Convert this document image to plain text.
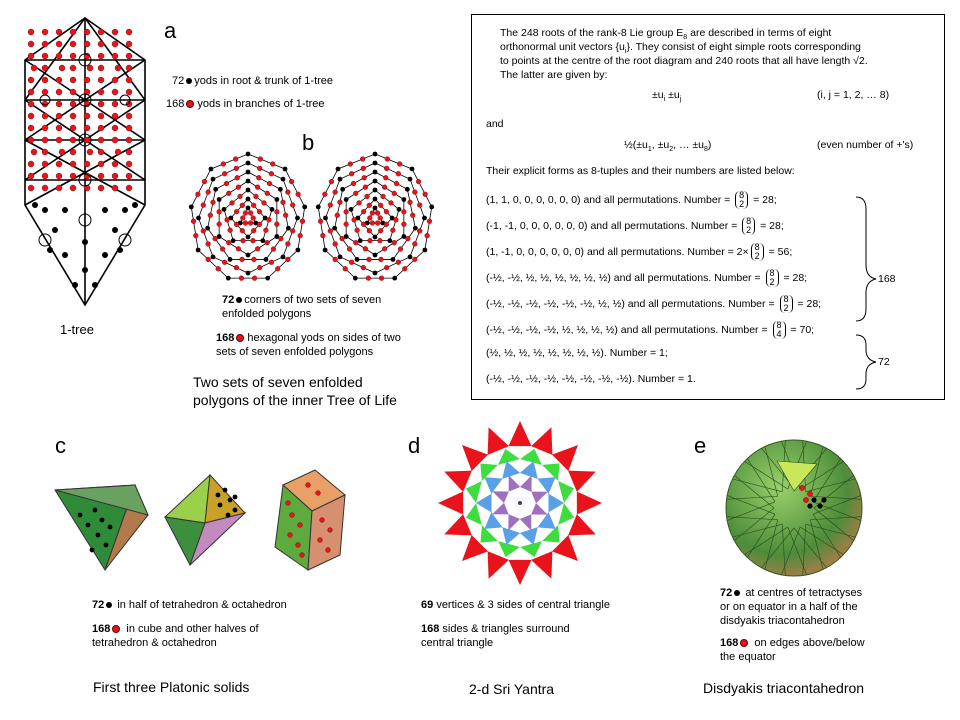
a
1-tree
72 yods in root & trunk of 1-tree
168 yods in branches of 1-tree
b
72 corners of two sets of seven
enfolded polygons
168 hexagonal yods on sides of two
sets of seven enfolded polygons
Two sets of seven enfolded
polygons of the inner Tree of Life
The 248 roots of the rank-8 Lie group $E_8$ are described in terms of eight
orthonormal unit vectors $\{u_i\}$. They consist of eight simple roots corresponding
to points at the centre of the root diagram and 240 roots that all have length √2.
The latter are given by:
$\pm u_i \pm u_j$	(i, j = 1, 2, … 8)
and
$\frac{1}{2}(\pm u_1$, $\pm u_2$, … $\pm u_8$)	(even number of +'s)
Their explicit forms as 8-tuples and their numbers are listed below:
168
72
(1, 1, 0, 0, 0, 0, 0, 0) and all permutations. Number = 8
2 = 28;
(-1, -1, 0, 0, 0, 0, 0, 0) and all permutations. Number = 8
2 = 28;
(1, -1, 0, 0, 0, 0, 0, 0) and all permutations. Number = 2× 8
2 = 56;
(-½, -½, ½, ½, ½, ½, ½, ½) and all permutations. Number = 8
2 = 28;
(-½, -½, -½, -½, -½, -½, ½, ½) and all permutations. Number = 8
2 = 28;
(-½, -½, -½, -½, ½, ½, ½, ½) and all permutations. Number = 8
4 = 70;
(½, ½, ½, ½, ½, ½, ½, ½). Number = 1;
(-½, -½, -½, -½, -½, -½, -½, -½). Number = 1.
c
72 in half of tetrahedron & octahedron
168 in cube and other halves of
tetrahedron & octahedron
First three Platonic solids
d
69 vertices & 3 sides of central triangle
168 sides & triangles surround
central triangle
2-d Sri Yantra
e
72 at centres of tetractyses
or on equator in a half of the
disdyakis triacontahedron
168 on edges above/below
the equator
Disdyakis triacontahedron
